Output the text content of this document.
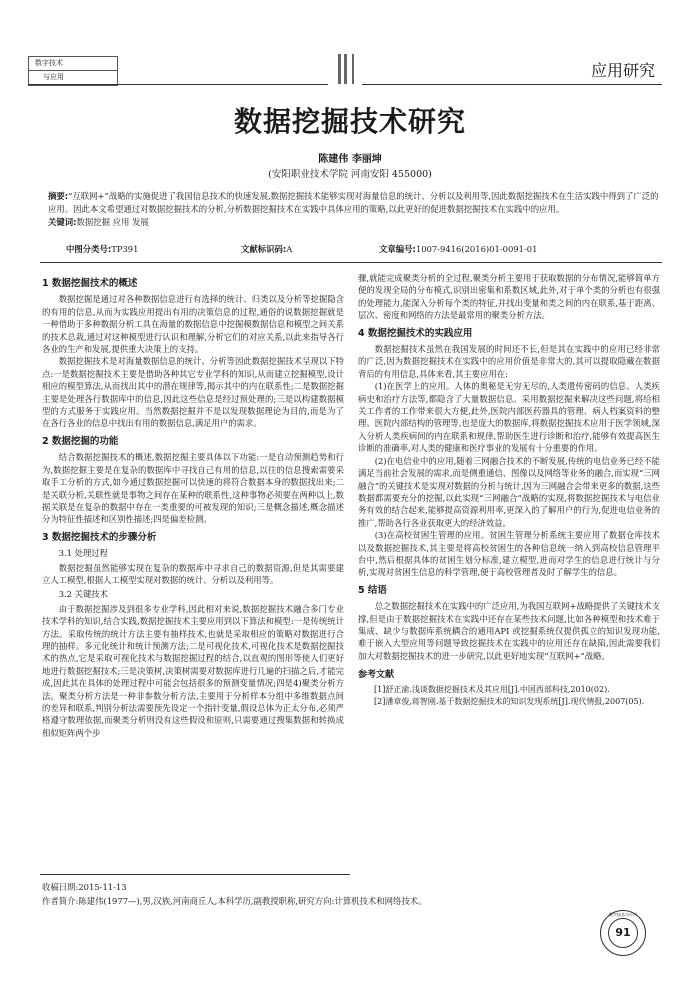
数字技术
与应用	应用研究
数据挖掘技术研究
陈建伟 李丽坤
(安阳职业技术学院 河南安阳 455000)
摘要:“互联网+”战略的实施促进了我国信息技术的快速发展,数据挖掘技术能够实现对海量信息的统计、分析以及利用等,因此数据挖掘技术在生活实践中得到了广泛的应用。因此本文希望通过对数据挖掘技术的分析,分析数据挖掘技术在实践中具体应用的策略,以此更好的促进数据挖掘技术在实践中的应用。
关键词:数据挖掘 应用 发展
中图分类号:TP391	文献标识码:A	文章编号:1007-9416(2016)01-0091-01
1 数据挖掘技术的概述

数据挖掘是通过对各种数据信息进行有选择的统计、归类以及分析等挖掘隐含的有用的信息,从而为实践应用提出有用的决策信息的过程,通俗的说数据挖掘就是一种借助于多种数据分析工具在海量的数据信息中挖掘模数据信息和模型之间关系的技术总栽,通过对这种模型进行认识和理解,分析它们的对应关系,以此来指导各行各业的生产和发展,提供重大决策上的支持。

数据挖掘技术是对海量数据信息的统计、分析等因此数据挖掘技术呈现以下特点:一是数据挖掘技术主要是借助各种其它专业学科的知识,从而建立挖掘模型,设计相应的模型算法,从而找出其中的潜在规律等,揭示其中的内在联系性;二是数据挖掘主要是处理各行数据库中的信息,因此这些信息是经过预处理的;三是以构建数据模型的方式服务于实践应用。当然数据挖掘并不是以发现数据理论为目的,而是为了在各行各业的信息中找出有用的数据信息,满足用户的需求。

2 数据挖掘的功能

结合数据挖掘技术的概述,数据挖掘主要具体以下功能:一是自动预测趋势和行为,数据挖掘主要是在复杂的数据库中寻找自己有用的信息,以往的信息搜索需要采取手工分析的方式,如今通过数据挖掘可以快速的将符合数据本身的数据找出来;二是关联分析,关联性就是事物之间存在某种的联系性,这种事物必须要在两种以上,数据关联是在复杂的数据中存在一类重要的可被发现的知识;三是概念描述,概念描述分为特征性描述和区别性描述;四是偏差检测。

3 数据挖掘技术的步骤分析
3.1 处理过程

数据挖掘虽然能够实现在复杂的数据库中寻求自己的数据资源,但是其需要建立人工模型,根据人工模型实现对数据的统计、分析以及利用等。

3.2 关键技术

由于数据挖掘涉及到很多专业学科,因此相对来说,数据挖掘技术融合多门专业技术学科的知识,结合实践,数据挖掘技术主要应用到以下算法和模型:一是传统统计方法。采取传统的统计方法主要有抽样技术,也就是采取相应的策略对数据进行合理的抽样。多元化统计和统计预测方法;二是可视化技术,可视化技术是数据挖掘技术的热点,它是采取可视化技术与数据挖掘过程的结合,以直观的图形等使人们更好地进行数据挖掘技术;三是决策树,决策树需要对数据库进行几遍的扫描之后,才能完成,因此其在具体的处理过程中可能会包括很多的预测变量情况;四是4)聚类分析方法。聚类分析方法是一种非参数分析方法,主要用于分析样本分组中多维数据点间的差异和联系,判别分析法需要预先设定一个指针变量,假设总体为正太分布,必须严格遵守数理依据,而聚类分析则没有这些假设和原则,只需要通过搜集数据和转换成相似矩阵两个步

骤,就能完成聚类分析的全过程,聚类分析主要用于获取数据的分布情况,能够简单方便的发现全局的分布模式,识别出密集和系数区域,此外,对于单个类的分析也有很强的处理能力,能深入分析每个类的特征,并找出变量和类之间的内在联系,基于距离、层次、密度和网络的方法是最常用的聚类分析方法。

4 数据挖掘技术的实践应用

数据挖掘技术虽然在我国发展的时间还不长,但是其在实践中的应用已经非常的广泛,因为数据挖掘技术在实践中的应用价值是非常大的,其可以提取隐藏在数据背后的有用信息,具体来看,其主要应用在:

(1)在医学上的应用。人体的奥秘是无穷无尽的,人类遗传密码的信息、人类疾病史和治疗方法等,都隐含了大量数据信息。采用数据挖掘来解决这些问题,将给相关工作者的工作带来很大方便,此外,医院内部医药器具的管理、病人档案资料的整理、医院内部结构的管理等,也是庞大的数据库,将数据挖掘技术应用于医学领域,深入分析人类疾病间的内在联系和规律,帮助医生进行诊断和治疗,能够有效提高医生诊断的准确率,对人类的健康和医疗事业的发展有十分重要的作用。

(2)在电信业中的应用,随着三网融合技术的不断发展,传统的电信业务已经不能满足当前社会发展的需求,而是侧重通信、图像以及网络等业务的融合,而实现“三网融合”的关键技术是实现对数据的分析与统计,因为三网融合会带来更多的数据,这些数据都需要充分的挖掘,以此实现“三网融合”战略的实现,将数据挖掘技术与电信业务有效的结合起来,能够提高资源利用率,更深入的了解用户的行为,促进电信业务的推广,帮助各行各业获取更大的经济效益。

(3)在高校贫困生管理的应用。贫困生管理分析系统主要应用了数据仓库技术以及数据挖掘技术,其主要是将高校贫困生的各种信息统一纳入到高校信息管理平台中,然后根据具体的贫困生划分标准,建立模型,进而对学生的信息进行统计与分析,实现对贫困生信息的科学管理,便于高校管理者及时了解学生的信息。

5 结语

总之数据挖掘技术在实践中的广泛应用,为我国互联网+战略提供了关键技术支撑,但是由于数据挖掘技术在实践中还存在某些技术问题,比如各种模型和技术难于集成、缺少与数据库系统耦合的通用API 或挖掘系统仅提供孤立的知识发现功能,难于嵌入大型应用等问题导致挖掘技术在实践中的应用还存在缺陷,因此需要我们加大对数据挖掘技术的进一步研究,以此更好地实现“互联网+”战略。

参考文献

[1]舒正渝.浅谈数据挖掘技术及其应用[J].中国西部科技,2010(02).

[2]潘章俊,蒋智刚.基于数据挖掘技术的知识发现系统[J].现代情报,2007(05).

收稿日期:2015-11-13
作者简介:陈建伟(1977—),男,汉族,河南商丘人,本科学历,副教授职称,研究方向:计算机技术和网络技术。
数字技术与应用
91
